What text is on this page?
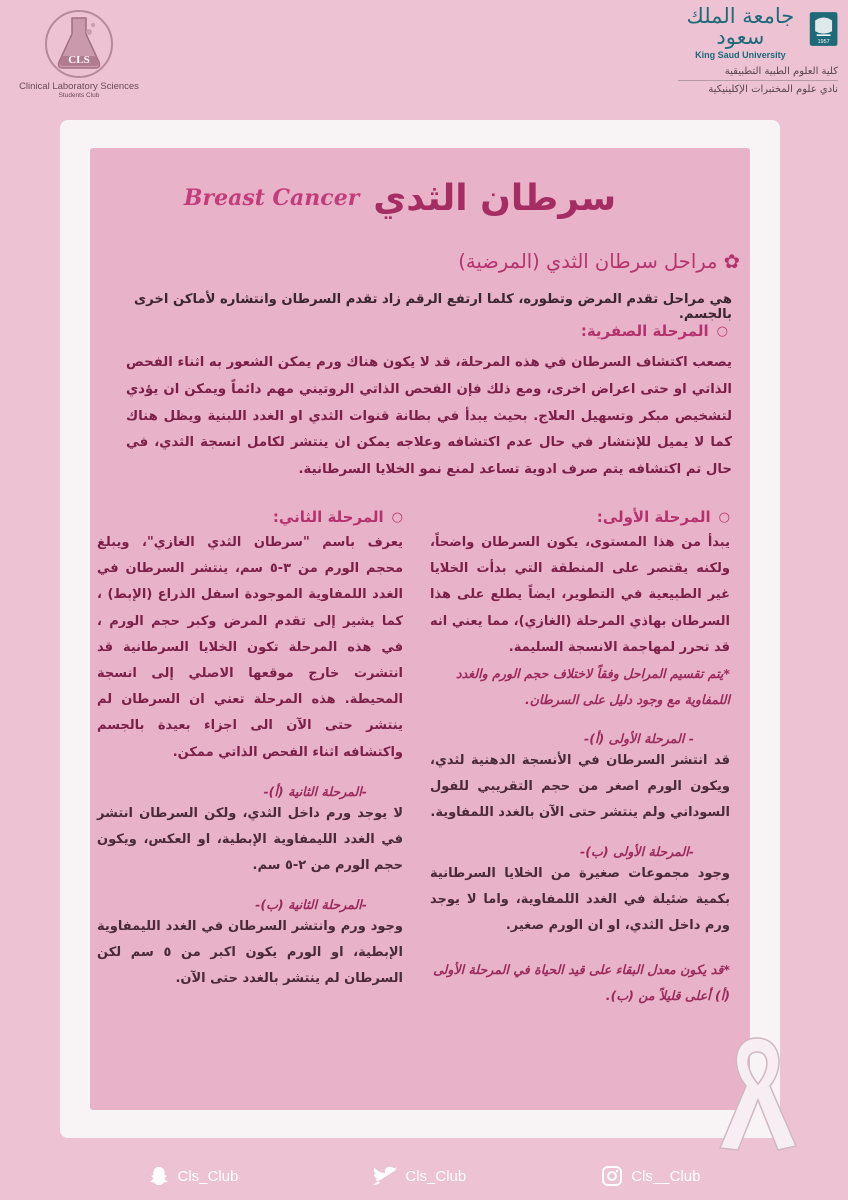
CLS
Clinical Laboratory Sciences
Students Club
جامعة الملك سعود
King Saud University
1957
كلية العلوم الطبية التطبيقية
نادي علوم المختبرات الإكلينيكية
Breast Cancer سرطان الثدي
✿ مراحل سرطان الثدي (المرضية)
هي مراحل تقدم المرض وتطوره، كلما ارتفع الرقم زاد تقدم السرطان وانتشاره لأماكن اخرى بالجسم.
○
المرحلة الصفرية:
يصعب اكتشاف السرطان في هذه المرحلة، قد لا يكون هناك ورم يمكن الشعور به اثناء الفحص الذاتي او حتى اعراض اخرى، ومع ذلك فإن الفحص الذاتي الروتيني مهم دائماً ويمكن ان يؤدي لتشخيص مبكر وتسهيل العلاج. بحيث يبدأ في بطانة قنوات الثدي او الغدد اللبنية ويظل هناك كما لا يميل للإنتشار في حال عدم اكتشافه وعلاجه يمكن ان ينتشر لكامل انسجة الثدي، في حال تم اكتشافه يتم صرف ادوية تساعد لمنع نمو الخلايا السرطانية.
○
المرحلة الأولى:
يبدأ من هذا المستوى، يكون السرطان واضحاً، ولكنه يقتصر على المنطقة التي بدأت الخلايا غير الطبيعية في التطوير، ايضاً يطلع على هذا السرطان بهاذي المرحلة (الغازي)، مما يعني انه قد تحرر لمهاجمة الانسجة السليمة.
*يتم تقسيم المراحل وفقاً لاختلاف حجم الورم والغدد اللمفاوية مع وجود دليل على السرطان.
- المرحلة الأولى (أ)-
قد انتشر السرطان في الأنسجة الدهنية لثدي، ويكون الورم اصغر من حجم التقريبي للفول السوداني ولم ينتشر حتى الآن بالغدد اللمفاوية.
-المرحلة الأولى (ب)-
وجود مجموعات صغيرة من الخلايا السرطانية بكمية ضئيلة في الغدد اللمفاوية، واما لا يوجد ورم داخل الثدي، او ان الورم صغير.
*قد يكون معدل البقاء على قيد الحياة في المرحلة الأولى (أ) أعلى قليلاً من (ب).
○
المرحلة الثاني:
يعرف باسم "سرطان الثدي الغازي"، ويبلغ محجم الورم من ٣-٥ سم، ينتشر السرطان في الغدد اللمفاوية الموجودة اسفل الذراع (الإبط) ، كما يشير إلى تقدم المرض وكبر حجم الورم ، في هذه المرحلة تكون الخلايا السرطانية قد انتشرت خارج موقعها الاصلي إلى انسجة المحيطة. هذه المرحلة تعني ان السرطان لم ينتشر حتى الآن الى اجزاء بعيدة بالجسم واكتشافه اثناء الفحص الذاتي ممكن.
-المرحلة الثانية (أ)-
لا يوجد ورم داخل الثدي، ولكن السرطان انتشر في الغدد الليمفاوية الإبطية، او العكس، ويكون حجم الورم من ٢-٥ سم.
-المرحلة الثانية (ب)-
وجود ورم وانتشر السرطان في الغدد الليمفاوية الإبطية، او الورم يكون اكبر من ٥ سم لكن السرطان لم ينتشر بالغدد حتى الآن.
Cls_Club	Cls_Club	Cls__Club
